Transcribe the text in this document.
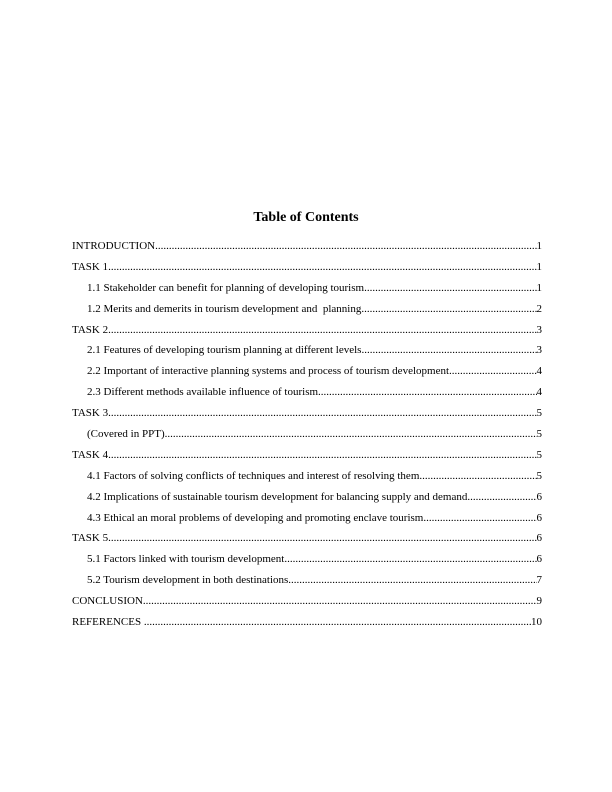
Table of Contents
INTRODUCTION .....	1
TASK 1 .....	1
1.1 Stakeholder can benefit for planning of developing tourism .....	1
1.2 Merits and demerits in tourism development and  planning .....	2
TASK 2 .....	3
2.1 Features of developing tourism planning at different levels .....	3
2.2 Important of interactive planning systems and process of tourism development .....	4
2.3 Different methods available influence of tourism .....	4
TASK 3 .....	5
(Covered in PPT) .....	5
TASK 4 .....	5
4.1 Factors of solving conflicts of techniques and interest of resolving them .....	5
4.2 Implications of sustainable tourism development for balancing supply and demand .....	6
4.3 Ethical an moral problems of developing and promoting enclave tourism .....	6
TASK 5 .....	6
5.1 Factors linked with tourism development .....	6
5.2 Tourism development in both destinations .....	7
CONCLUSION .....	9
REFERENCES .....	10
